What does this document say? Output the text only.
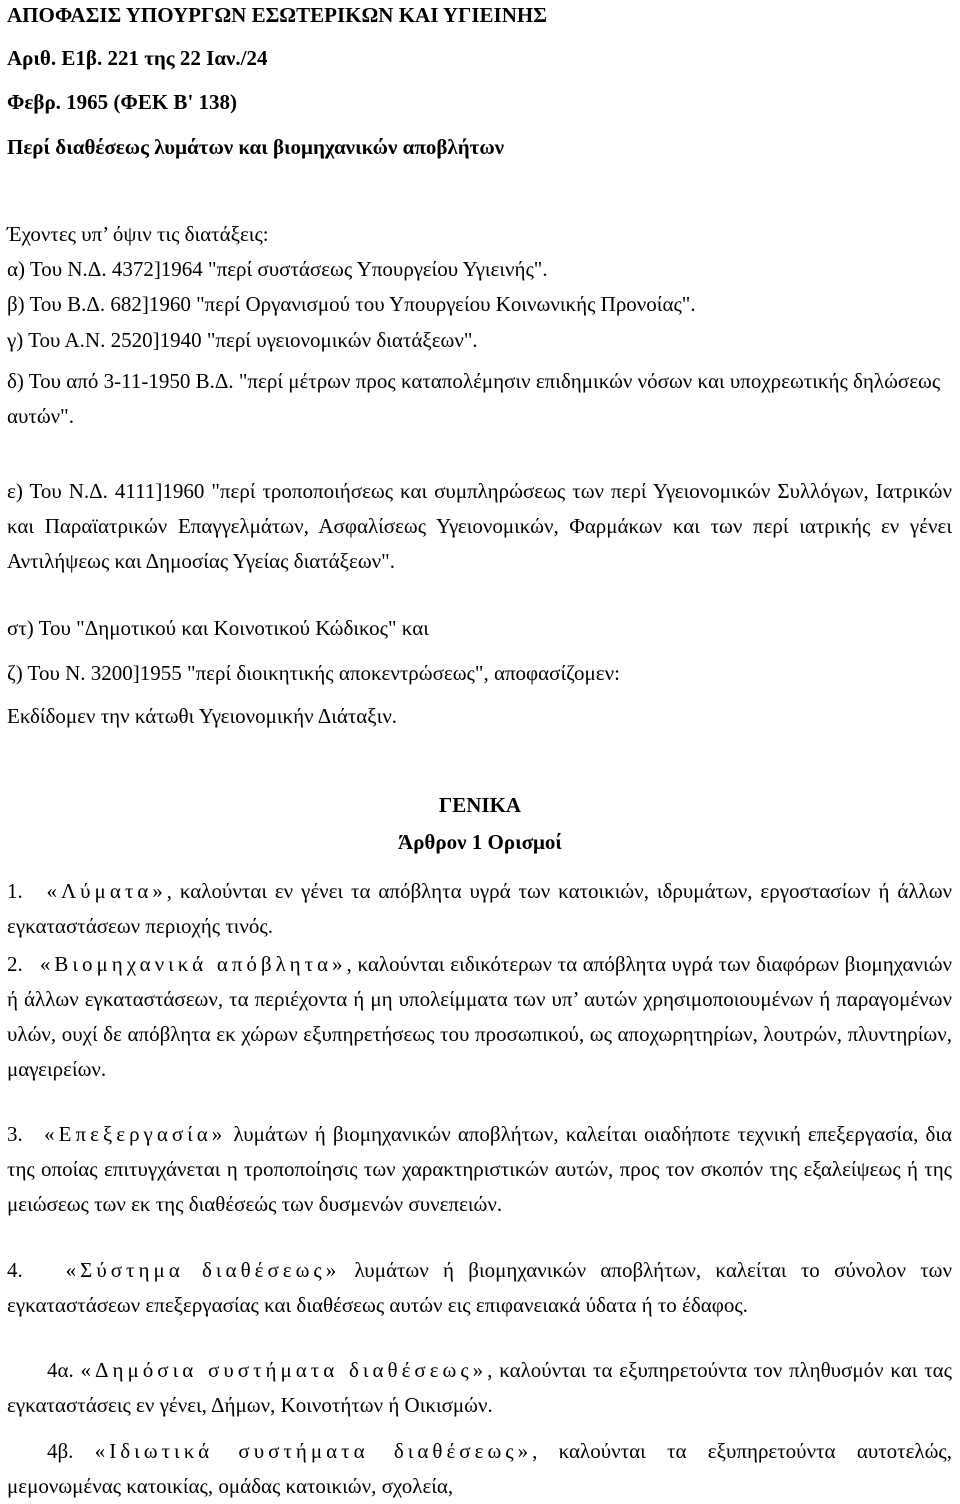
ΑΠΟΦΑΣΙΣ ΥΠΟΥΡΓΩΝ ΕΣΩΤΕΡΙΚΩΝ ΚΑΙ ΥΓΙΕΙΝΗΣ

Αριθ. Ε1β. 221 της 22 Ιαν./24

Φεβρ. 1965 (ΦΕΚ Β' 138)

Περί διαθέσεως λυμάτων και βιομηχανικών αποβλήτων

Έχοντες υπ’ όψιν τις διατάξεις:

α) Του Ν.Δ. 4372]1964 "περί συστάσεως Υπουργείου Υγιεινής".

β) Του Β.Δ. 682]1960 "περί Οργανισμού του Υπουργείου Κοινωνικής Προνοίας".

γ) Του Α.Ν. 2520]1940 "περί υγειονομικών διατάξεων".

δ) Του από 3-11-1950 Β.Δ. "περί μέτρων προς καταπολέμησιν επιδημικών νόσων και υποχρεωτικής δηλώσεως αυτών".

ε) Του Ν.Δ. 4111]1960 "περί τροποποιήσεως και συμπληρώσεως των περί Υγειονομικών Συλλόγων, Ιατρικών και Παραϊατρικών Επαγγελμάτων, Ασφαλίσεως Υγειονομικών, Φαρμάκων και των περί ιατρικής εν γένει Αντιλήψεως και Δημοσίας Υγείας διατάξεων".

στ) Του "Δημοτικού και Κοινοτικού Κώδικος" και

ζ) Του Ν. 3200]1955 "περί διοικητικής αποκεντρώσεως", αποφασίζομεν:

Εκδίδομεν την κάτωθι Υγειονομικήν Διάταξιν.

ΓΕΝΙΚΑ

Άρθρον 1 Ορισμοί

1. «Λύματα», καλούνται εν γένει τα απόβλητα υγρά των κατοικιών, ιδρυμάτων, εργοστασίων ή άλλων εγκαταστάσεων περιοχής τινός.

2. «Βιομηχανικά απόβλητα», καλούνται ειδικότερων τα απόβλητα υγρά των διαφόρων βιομηχανιών ή άλλων εγκαταστάσεων, τα περιέχοντα ή μη υπολείμματα των υπ’ αυτών χρησιμοποιουμένων ή παραγομένων υλών, ουχί δε απόβλητα εκ χώρων εξυπηρετήσεως του προσωπικού, ως αποχωρητηρίων, λουτρών, πλυντηρίων, μαγειρείων.

3. «Επεξεργασία» λυμάτων ή βιομηχανικών αποβλήτων, καλείται οιαδήποτε τεχνική επεξεργασία, δια της οποίας επιτυγχάνεται η τροποποίησις των χαρακτηριστικών αυτών, προς τον σκοπόν της εξαλείψεως ή της μειώσεως των εκ της διαθέσεώς των δυσμενών συνεπειών.

4. «Σύστημα διαθέσεως» λυμάτων ή βιομηχανικών αποβλήτων, καλείται το σύνολον των εγκαταστάσεων επεξεργασίας και διαθέσεως αυτών εις επιφανειακά ύδατα ή το έδαφος.

4α. «Δημόσια συστήματα διαθέσεως», καλούνται τα εξυπηρετούντα τον πληθυσμόν και τας εγκαταστάσεις εν γένει, Δήμων, Κοινοτήτων ή Οικισμών.

4β. «Ιδιωτικά συστήματα διαθέσεως», καλούνται τα εξυπηρετούντα αυτοτελώς, μεμονωμένας κατοικίας, ομάδας κατοικιών, σχολεία,
